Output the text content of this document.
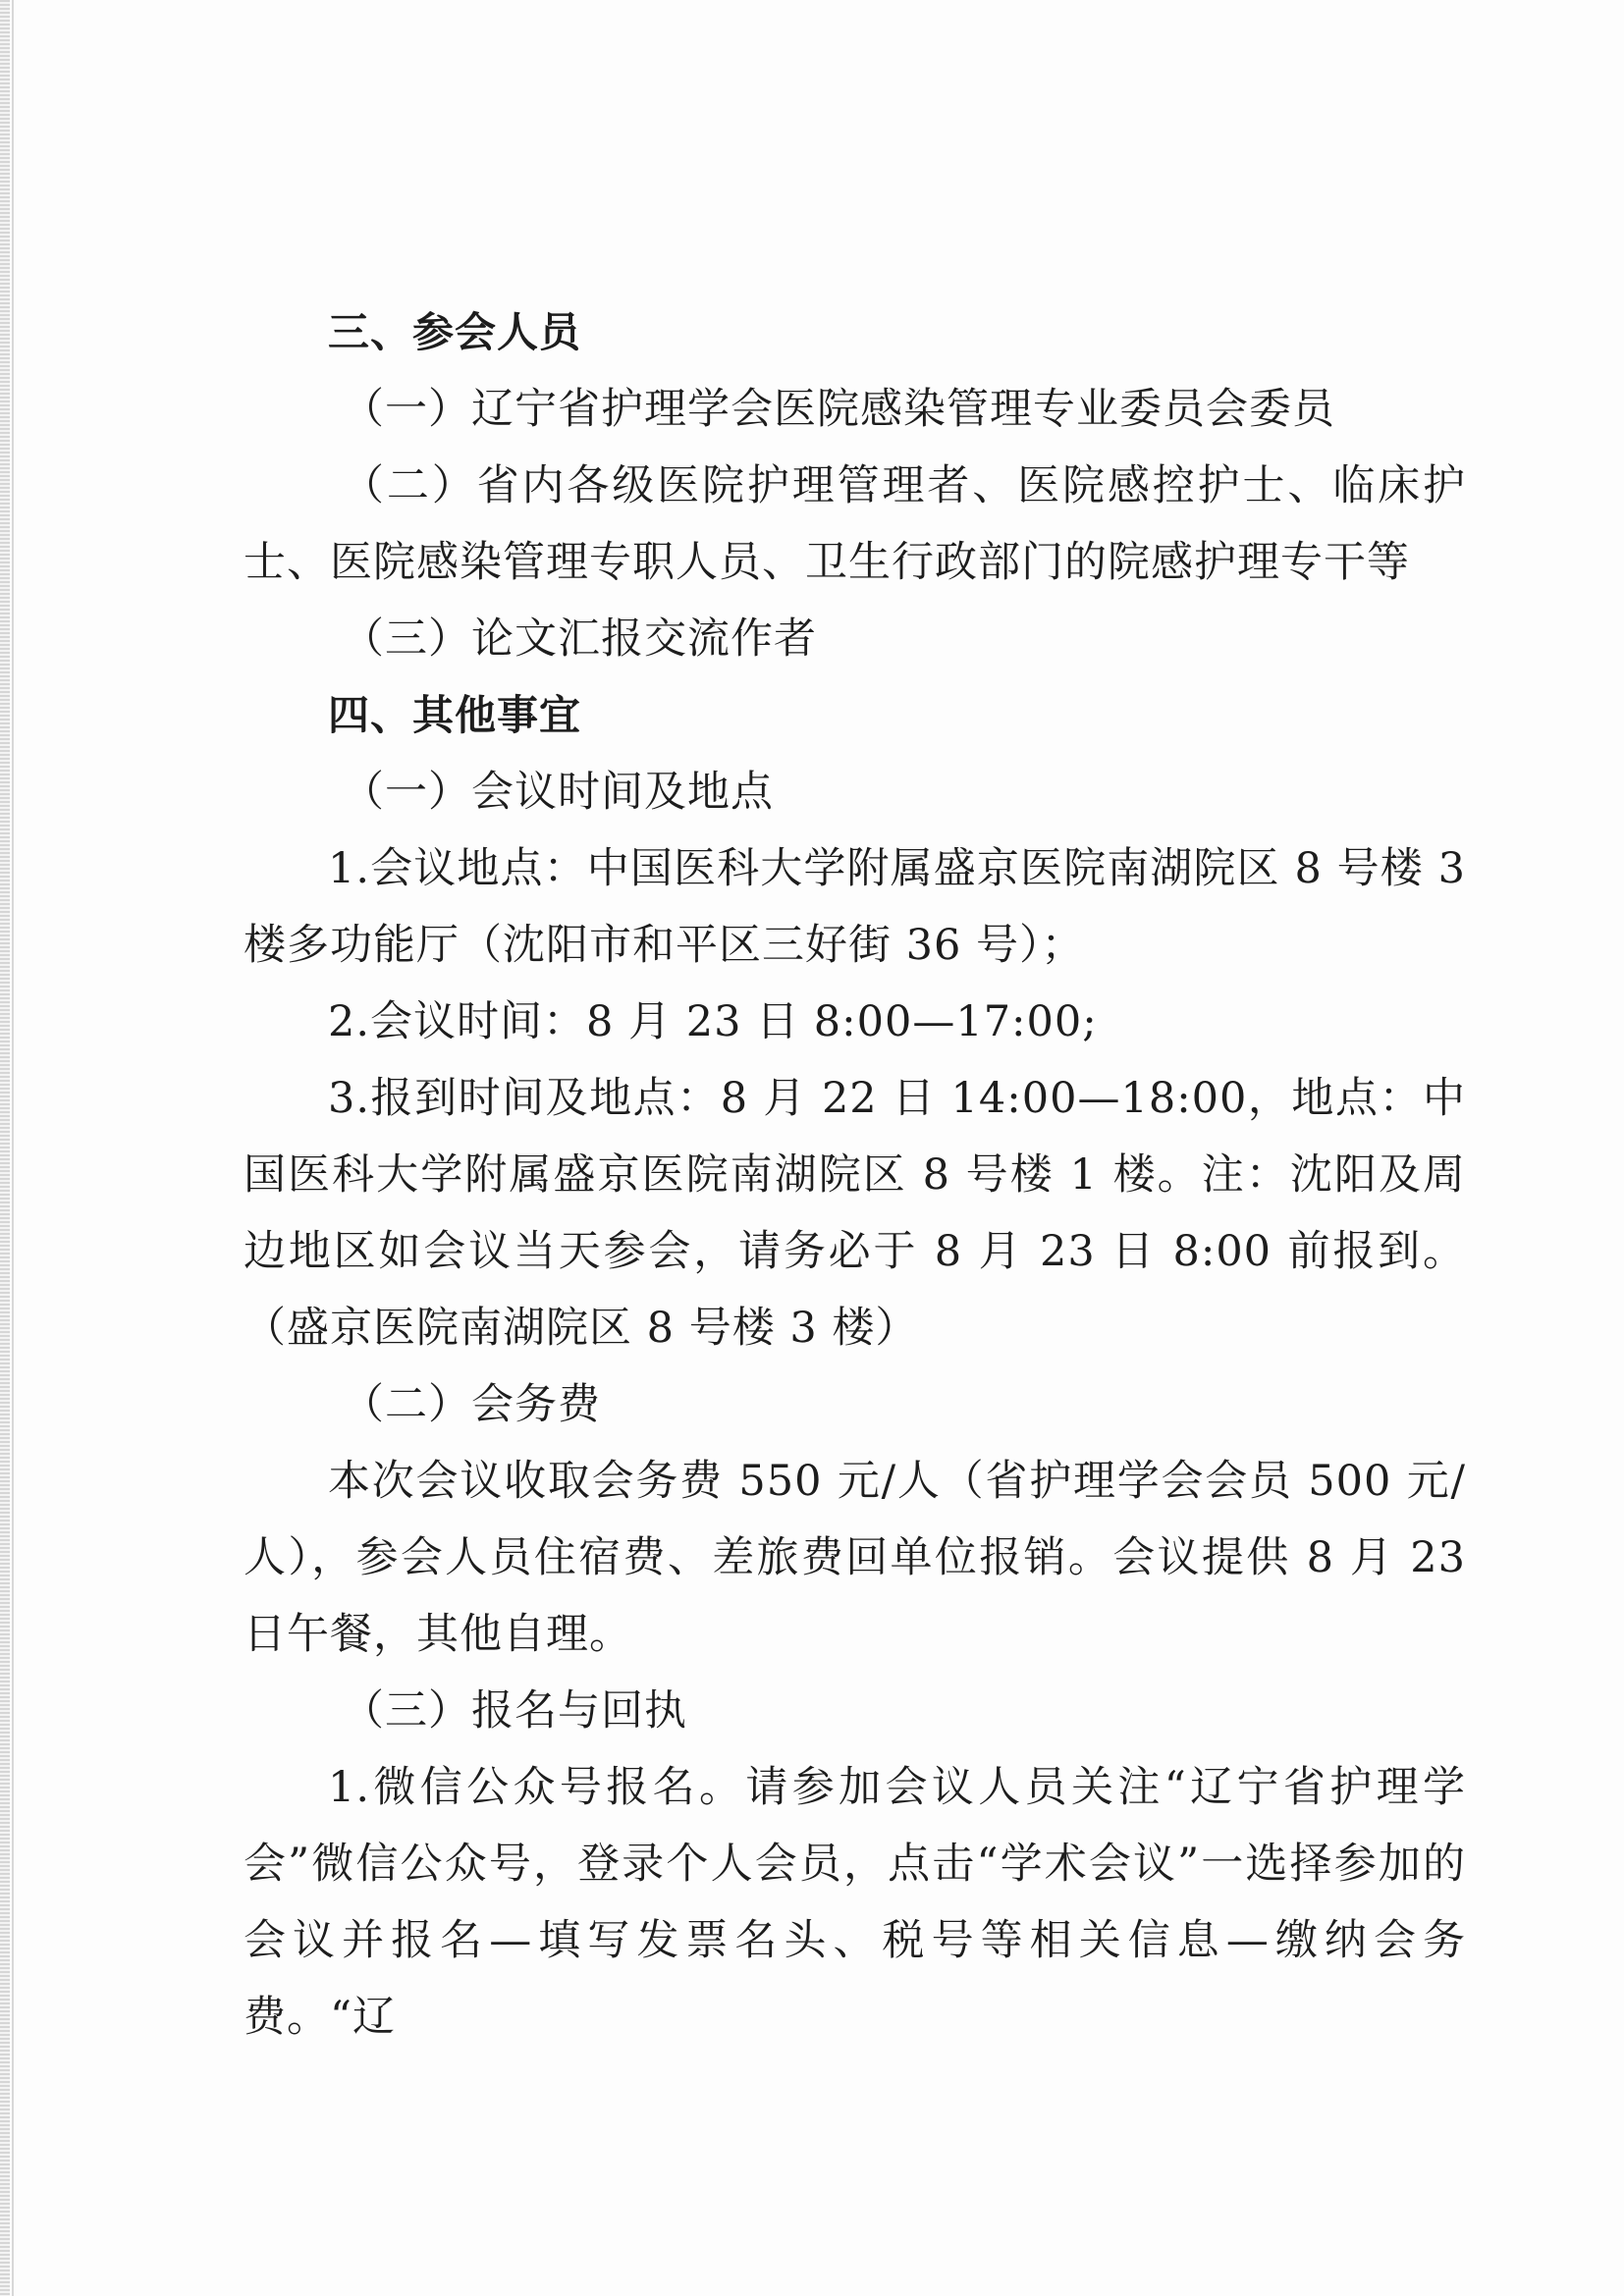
三、参会人员

（一）辽宁省护理学会医院感染管理专业委员会委员

（二）省内各级医院护理管理者、医院感控护士、临床护士、医院感染管理专职人员、卫生行政部门的院感护理专干等

（三）论文汇报交流作者

四、其他事宜

（一）会议时间及地点

1.会议地点：中国医科大学附属盛京医院南湖院区 8 号楼 3 楼多功能厅（沈阳市和平区三好街 36 号）；

2.会议时间：8 月 23 日 8:00—17:00;

3.报到时间及地点：8 月 22 日 14:00—18:00，地点：中国医科大学附属盛京医院南湖院区 8 号楼 1 楼。注：沈阳及周边地区如会议当天参会，请务必于 8 月 23 日 8:00 前报到。（盛京医院南湖院区 8 号楼 3 楼）

（二）会务费

本次会议收取会务费 550 元/人（省护理学会会员 500 元/人），参会人员住宿费、差旅费回单位报销。会议提供 8 月 23 日午餐，其他自理。

（三）报名与回执

1.微信公众号报名。请参加会议人员关注“辽宁省护理学会”微信公众号，登录个人会员，点击“学术会议”一选择参加的会议并报名—填写发票名头、税号等相关信息—缴纳会务费。“辽
